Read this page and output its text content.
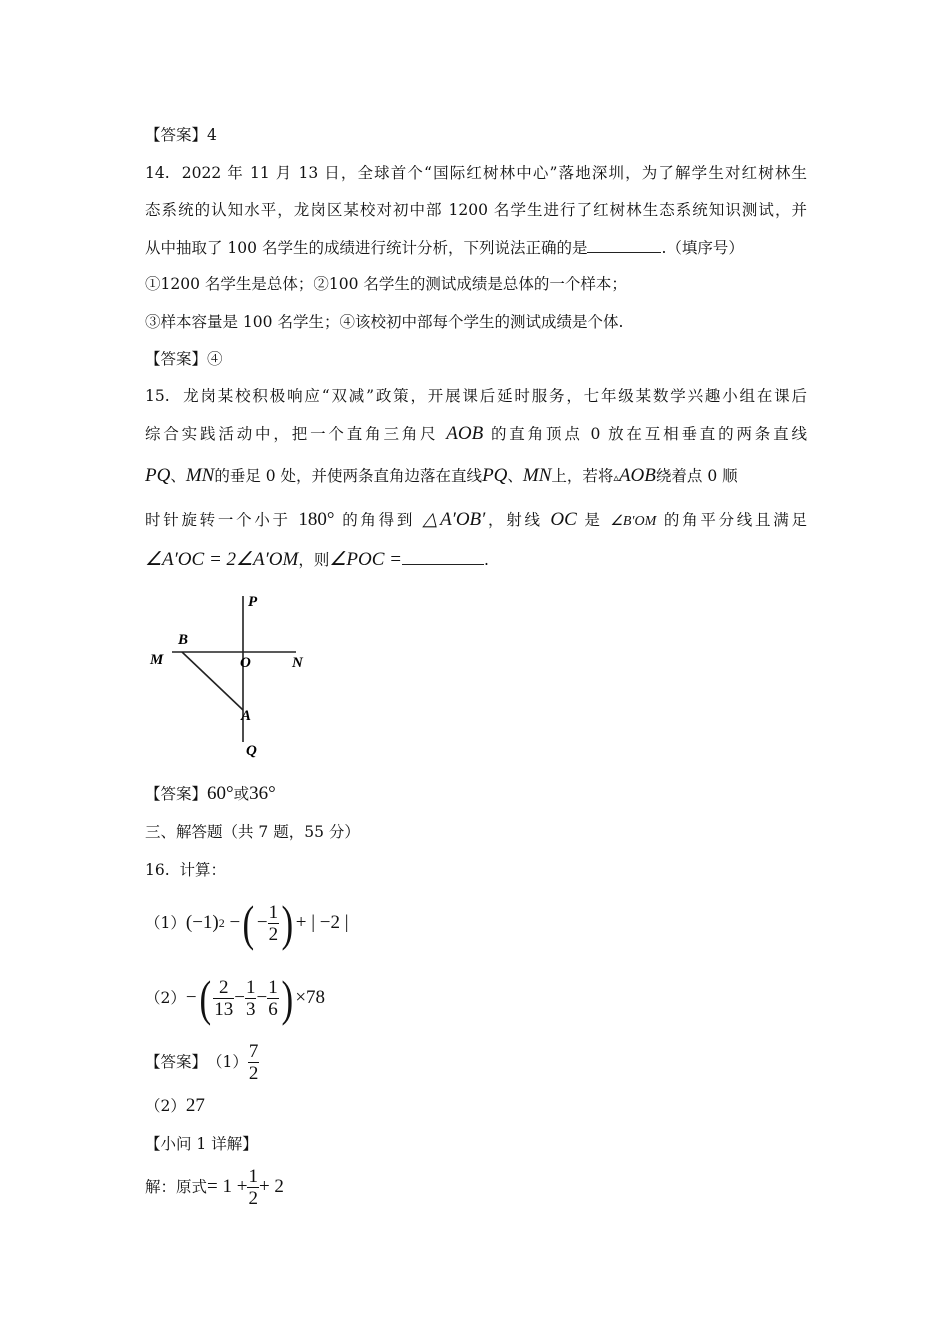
【答案】4
14. 2022 年 11 月 13 日，全球首个“国际红树林中心”落地深圳，为了解学生对红树林生
态系统的认知水平，龙岗区某校对初中部 1200 名学生进行了红树林生态系统知识测试，并
从中抽取了 100 名学生的成绩进行统计分析，下列说法正确的是	.（填序号）
①1200 名学生是总体；②100 名学生的测试成绩是总体的一个样本；
③样本容量是 100 名学生；④该校初中部每个学生的测试成绩是个体.
【答案】④
15. 龙岗某校积极响应“双减”政策，开展课后延时服务，七年级某数学兴趣小组在课后
综合实践活动中，把一个直角三角尺 AOB 的直角顶点 0 放在互相垂直的两条直线
PQ、MN的垂足 0 处，并使两条直角边落在直线PQ、MN上，若将▵AOB绕着点 0 顺
时针旋转一个小于 180° 的角得到 △A′OB′，射线 OC 是 ∠B′OM 的角平分线且满足
∠A′OC = 2∠A′OM，则∠POC =	.
P
B
M	O	N
A
Q
【答案】60°或36°
三、解答题（共 7 题，55 分）
16. 计算：
（1） (−1) 2
− ( − $\frac{1}{2}$ ) + | −2 |
（2） − ( $\frac{2}{13} - \frac{1}{3} - \frac{1}{6}$ ) ×78
【答案】 $(1) \frac{7}{2}$
（2）27
【小问 1 详解】
解：原式 = $1 + \frac{1}{2} + 2$
